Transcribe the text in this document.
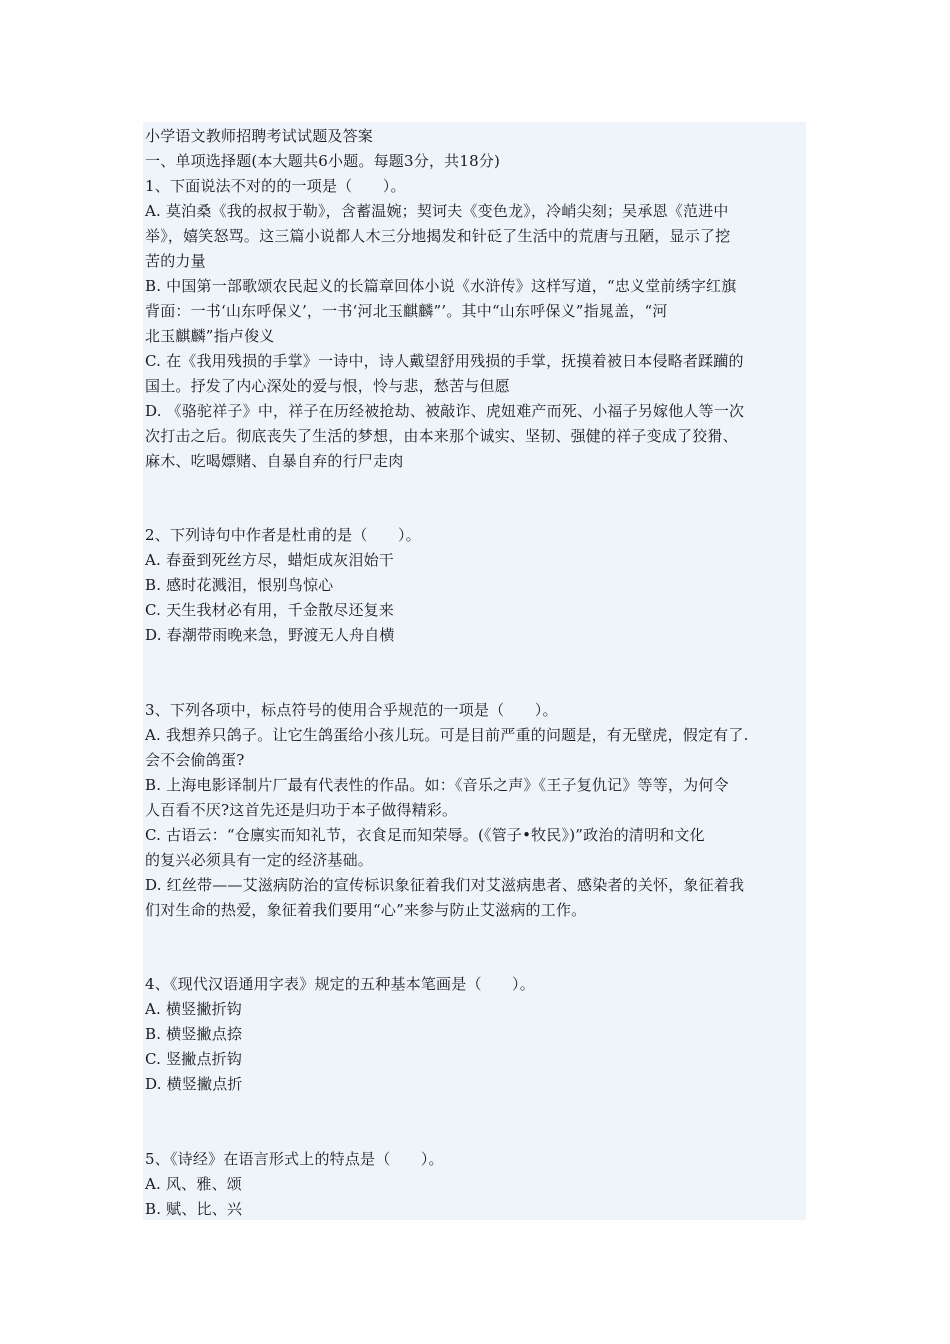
小学语文教师招聘考试试题及答案
一、单项选择题(本大题共6小题。每题3分，共18分)
1、下面说法不对的的一项是（　　）。
A. 莫泊桑《我的叔叔于勒》，含蓄温婉；契诃夫《变色龙》，冷峭尖刻；吴承恩《范进中
举》，嬉笑怒骂。这三篇小说都人木三分地揭发和针砭了生活中的荒唐与丑陋，显示了挖
苦的力量
B. 中国第一部歌颂农民起义的长篇章回体小说《水浒传》这样写道，“忠义堂前绣字红旗
背面：一书‘山东呼保义’，一书‘河北玉麒麟”’。其中“山东呼保义”指晁盖，“河
北玉麒麟”指卢俊义
C. 在《我用残损的手掌》一诗中，诗人戴望舒用残损的手掌，抚摸着被日本侵略者蹂躏的
国土。抒发了内心深处的爱与恨，怜与悲，愁苦与但愿
D. 《骆驼祥子》中，祥子在历经被抢劫、被敲诈、虎妞难产而死、小福子另嫁他人等一次
次打击之后。彻底丧失了生活的梦想，由本来那个诚实、坚韧、强健的祥子变成了狡猾、
麻木、吃喝嫖赌、自暴自弃的行尸走肉
2、下列诗句中作者是杜甫的是（　　）。
A. 春蚕到死丝方尽，蜡炬成灰泪始干
B. 感时花溅泪，恨别鸟惊心
C. 天生我材必有用，千金散尽还复来
D. 春潮带雨晚来急，野渡无人舟自横
3、下列各项中，标点符号的使用合乎规范的一项是（　　）。
A. 我想养只鸽子。让它生鸽蛋给小孩儿玩。可是目前严重的问题是，有无壁虎，假定有了.
会不会偷鸽蛋?
B. 上海电影译制片厂最有代表性的作品。如：《音乐之声》《王子复仇记》等等，为何令
人百看不厌?这首先还是归功于本子做得精彩。
C. 古语云：“仓廪实而知礼节，衣食足而知荣辱。(《管子•牧民》)”政治的清明和文化
的复兴必须具有一定的经济基础。
D. 红丝带——艾滋病防治的宣传标识象征着我们对艾滋病患者、感染者的关怀，象征着我
们对生命的热爱，象征着我们要用“心”来参与防止艾滋病的工作。
4、《现代汉语通用字表》规定的五种基本笔画是（　　）。
A. 横竖撇折钩
B. 横竖撇点捺
C. 竖撇点折钩
D. 横竖撇点折
5、《诗经》在语言形式上的特点是（　　）。
A. 风、雅、颂
B. 赋、比、兴
